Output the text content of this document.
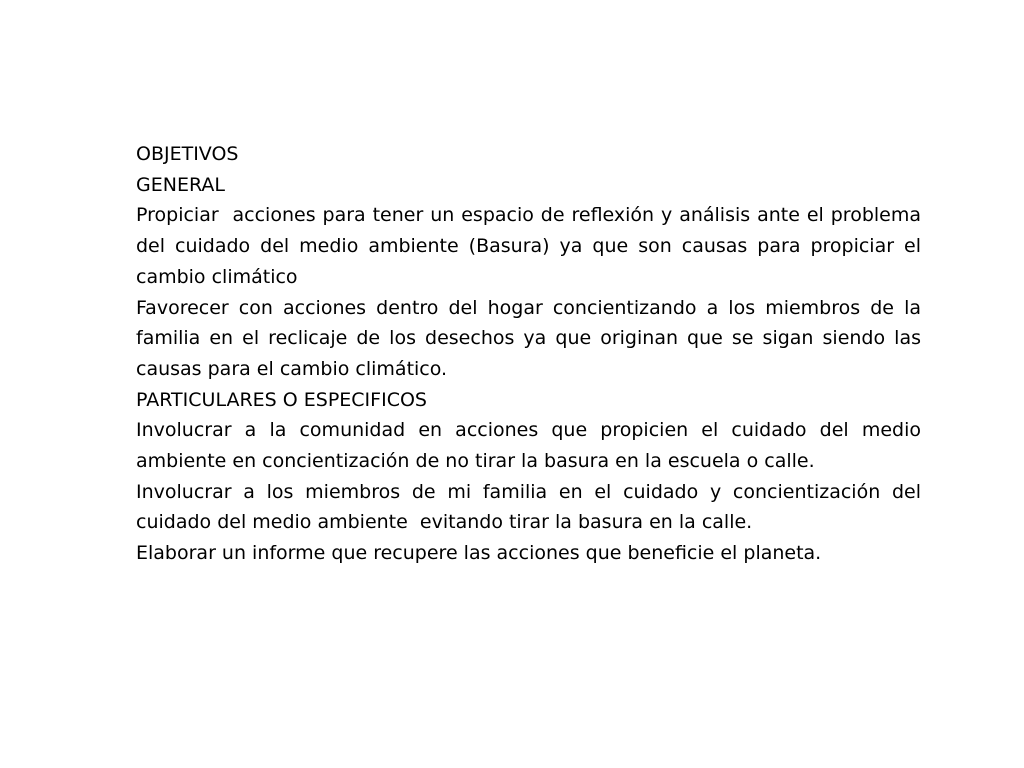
OBJETIVOS

GENERAL

Propiciar  acciones para tener un espacio de reflexión y análisis ante el problema del cuidado del medio ambiente (Basura) ya que son causas para propiciar el cambio climático

Favorecer con acciones dentro del hogar concientizando a los miembros de la familia en el reclicaje de los desechos ya que originan que se sigan siendo las causas para el cambio climático.

PARTICULARES O ESPECIFICOS

Involucrar a la comunidad en acciones que propicien el cuidado del medio ambiente en concientización de no tirar la basura en la escuela o calle.

Involucrar a los miembros de mi familia en el cuidado y concientización del cuidado del medio ambiente  evitando tirar la basura en la calle.

Elaborar un informe que recupere las acciones que beneficie el planeta.
